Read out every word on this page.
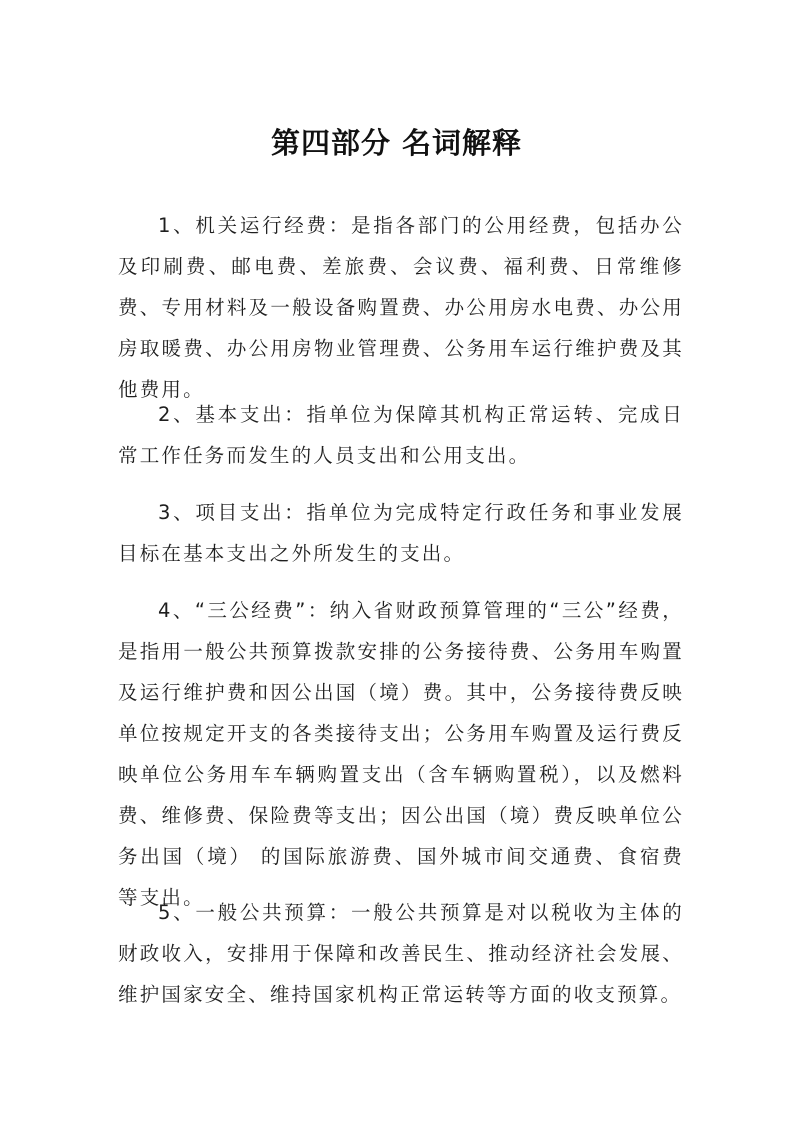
第四部分 名词解释

1、机关运行经费：是指各部门的公用经费，包括办公及印刷费、邮电费、差旅费、会议费、福利费、日常维修费、专用材料及一般设备购置费、办公用房水电费、办公用房取暖费、办公用房物业管理费、公务用车运行维护费及其他费用。

2、基本支出：指单位为保障其机构正常运转、完成日常工作任务而发生的人员支出和公用支出。

3、项目支出：指单位为完成特定行政任务和事业发展目标在基本支出之外所发生的支出。

4、“三公经费”：纳入省财政预算管理的“三公”经费，是指用一般公共预算拨款安排的公务接待费、公务用车购置及运行维护费和因公出国（境）费。其中，公务接待费反映单位按规定开支的各类接待支出；公务用车购置及运行费反映单位公务用车车辆购置支出（含车辆购置税），以及燃料费、维修费、保险费等支出；因公出国（境）费反映单位公务出国（境） 的国际旅游费、国外城市间交通费、食宿费等支出。

5、一般公共预算：一般公共预算是对以税收为主体的财政收入，安排用于保障和改善民生、推动经济社会发展、维护国家安全、维持国家机构正常运转等方面的收支预算。
